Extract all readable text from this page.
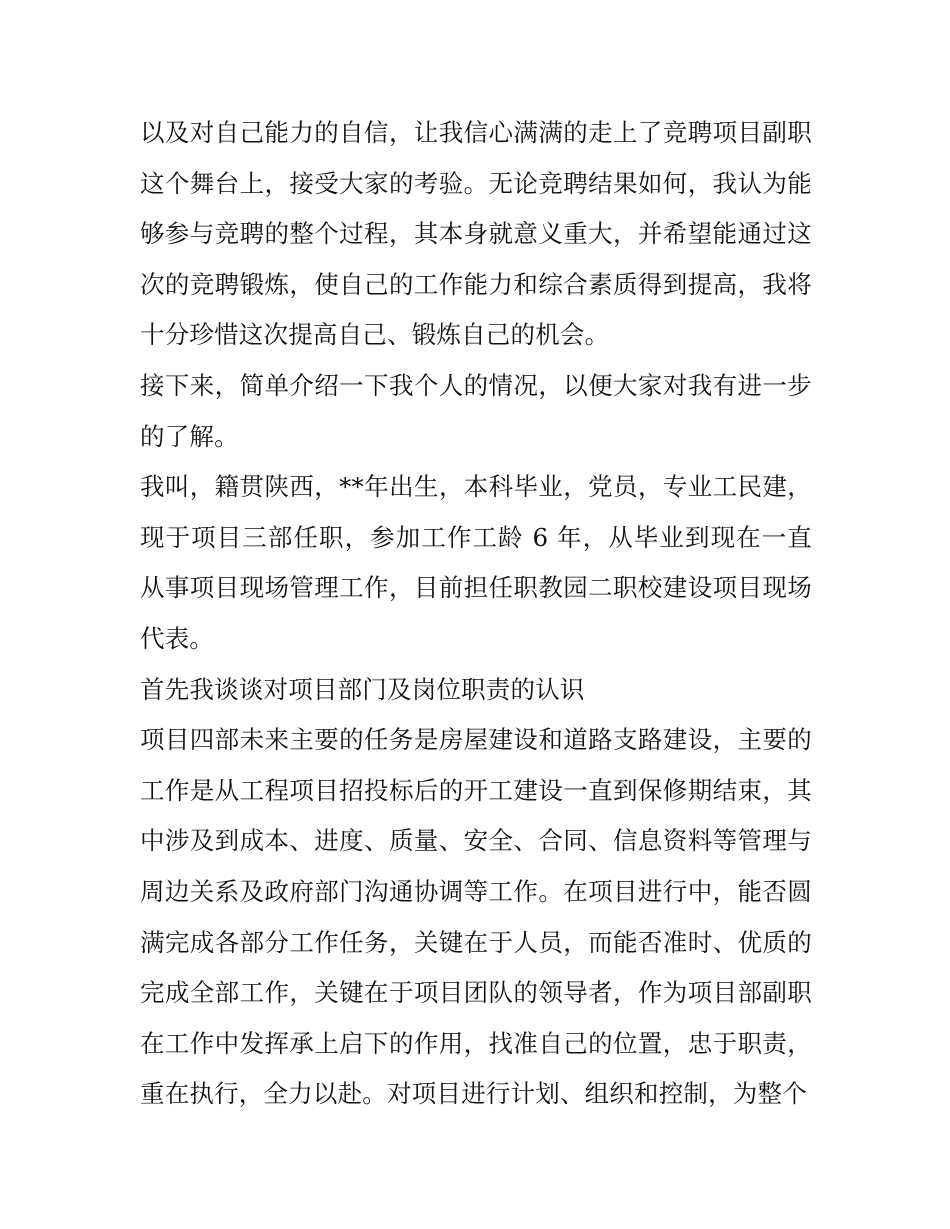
以及对自己能力的自信，让我信心满满的走上了竞聘项目副职这个舞台上，接受大家的考验。无论竞聘结果如何，我认为能够参与竞聘的整个过程，其本身就意义重大，并希望能通过这次的竞聘锻炼，使自己的工作能力和综合素质得到提高，我将十分珍惜这次提高自己、锻炼自己的机会。

接下来，简单介绍一下我个人的情况，以便大家对我有进一步的了解。

我叫，籍贯陕西，**年出生，本科毕业，党员，专业工民建，现于项目三部任职，参加工作工龄 6 年，从毕业到现在一直从事项目现场管理工作，目前担任职教园二职校建设项目现场代表。

首先我谈谈对项目部门及岗位职责的认识

项目四部未来主要的任务是房屋建设和道路支路建设，主要的工作是从工程项目招投标后的开工建设一直到保修期结束，其中涉及到成本、进度、质量、安全、合同、信息资料等管理与周边关系及政府部门沟通协调等工作。在项目进行中，能否圆满完成各部分工作任务，关键在于人员，而能否准时、优质的完成全部工作，关键在于项目团队的领导者，作为项目部副职在工作中发挥承上启下的作用，找准自己的位置，忠于职责，重在执行，全力以赴。对项目进行计划、组织和控制，为整个
